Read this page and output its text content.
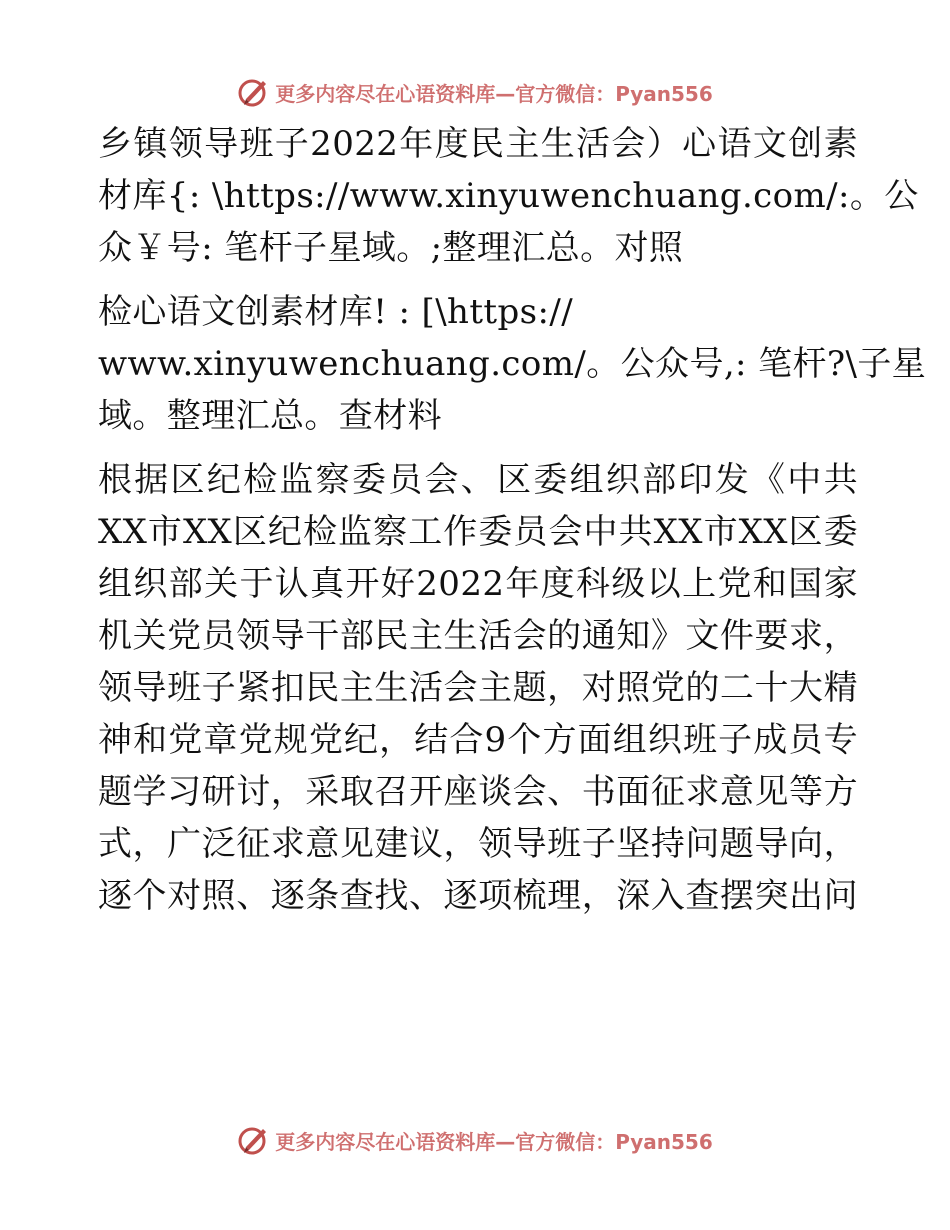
更多内容尽在心语资料库—官方微信：Pyan556

乡镇领导班子2022年度民主生活会）心语文创素
材库{: \https://www.xinyuwenchuang.com/:。公
众￥号: 笔杆子星域。;整理汇总。对照

检心语文创素材库! : [\https://
www.xinyuwenchuang.com/。公众号,: 笔杆?\子星
域。整理汇总。查材料

根据区纪检监察委员会、区委组织部印发《中共
XX市XX区纪检监察工作委员会中共XX市XX区委
组织部关于认真开好2022年度科级以上党和国家
机关党员领导干部民主生活会的通知》文件要求，
领导班子紧扣民主生活会主题，对照党的二十大精
神和党章党规党纪，结合9个方面组织班子成员专
题学习研讨，采取召开座谈会、书面征求意见等方
式，广泛征求意见建议，领导班子坚持问题导向，
逐个对照、逐条查找、逐项梳理，深入查摆突出问

更多内容尽在心语资料库—官方微信：Pyan556
